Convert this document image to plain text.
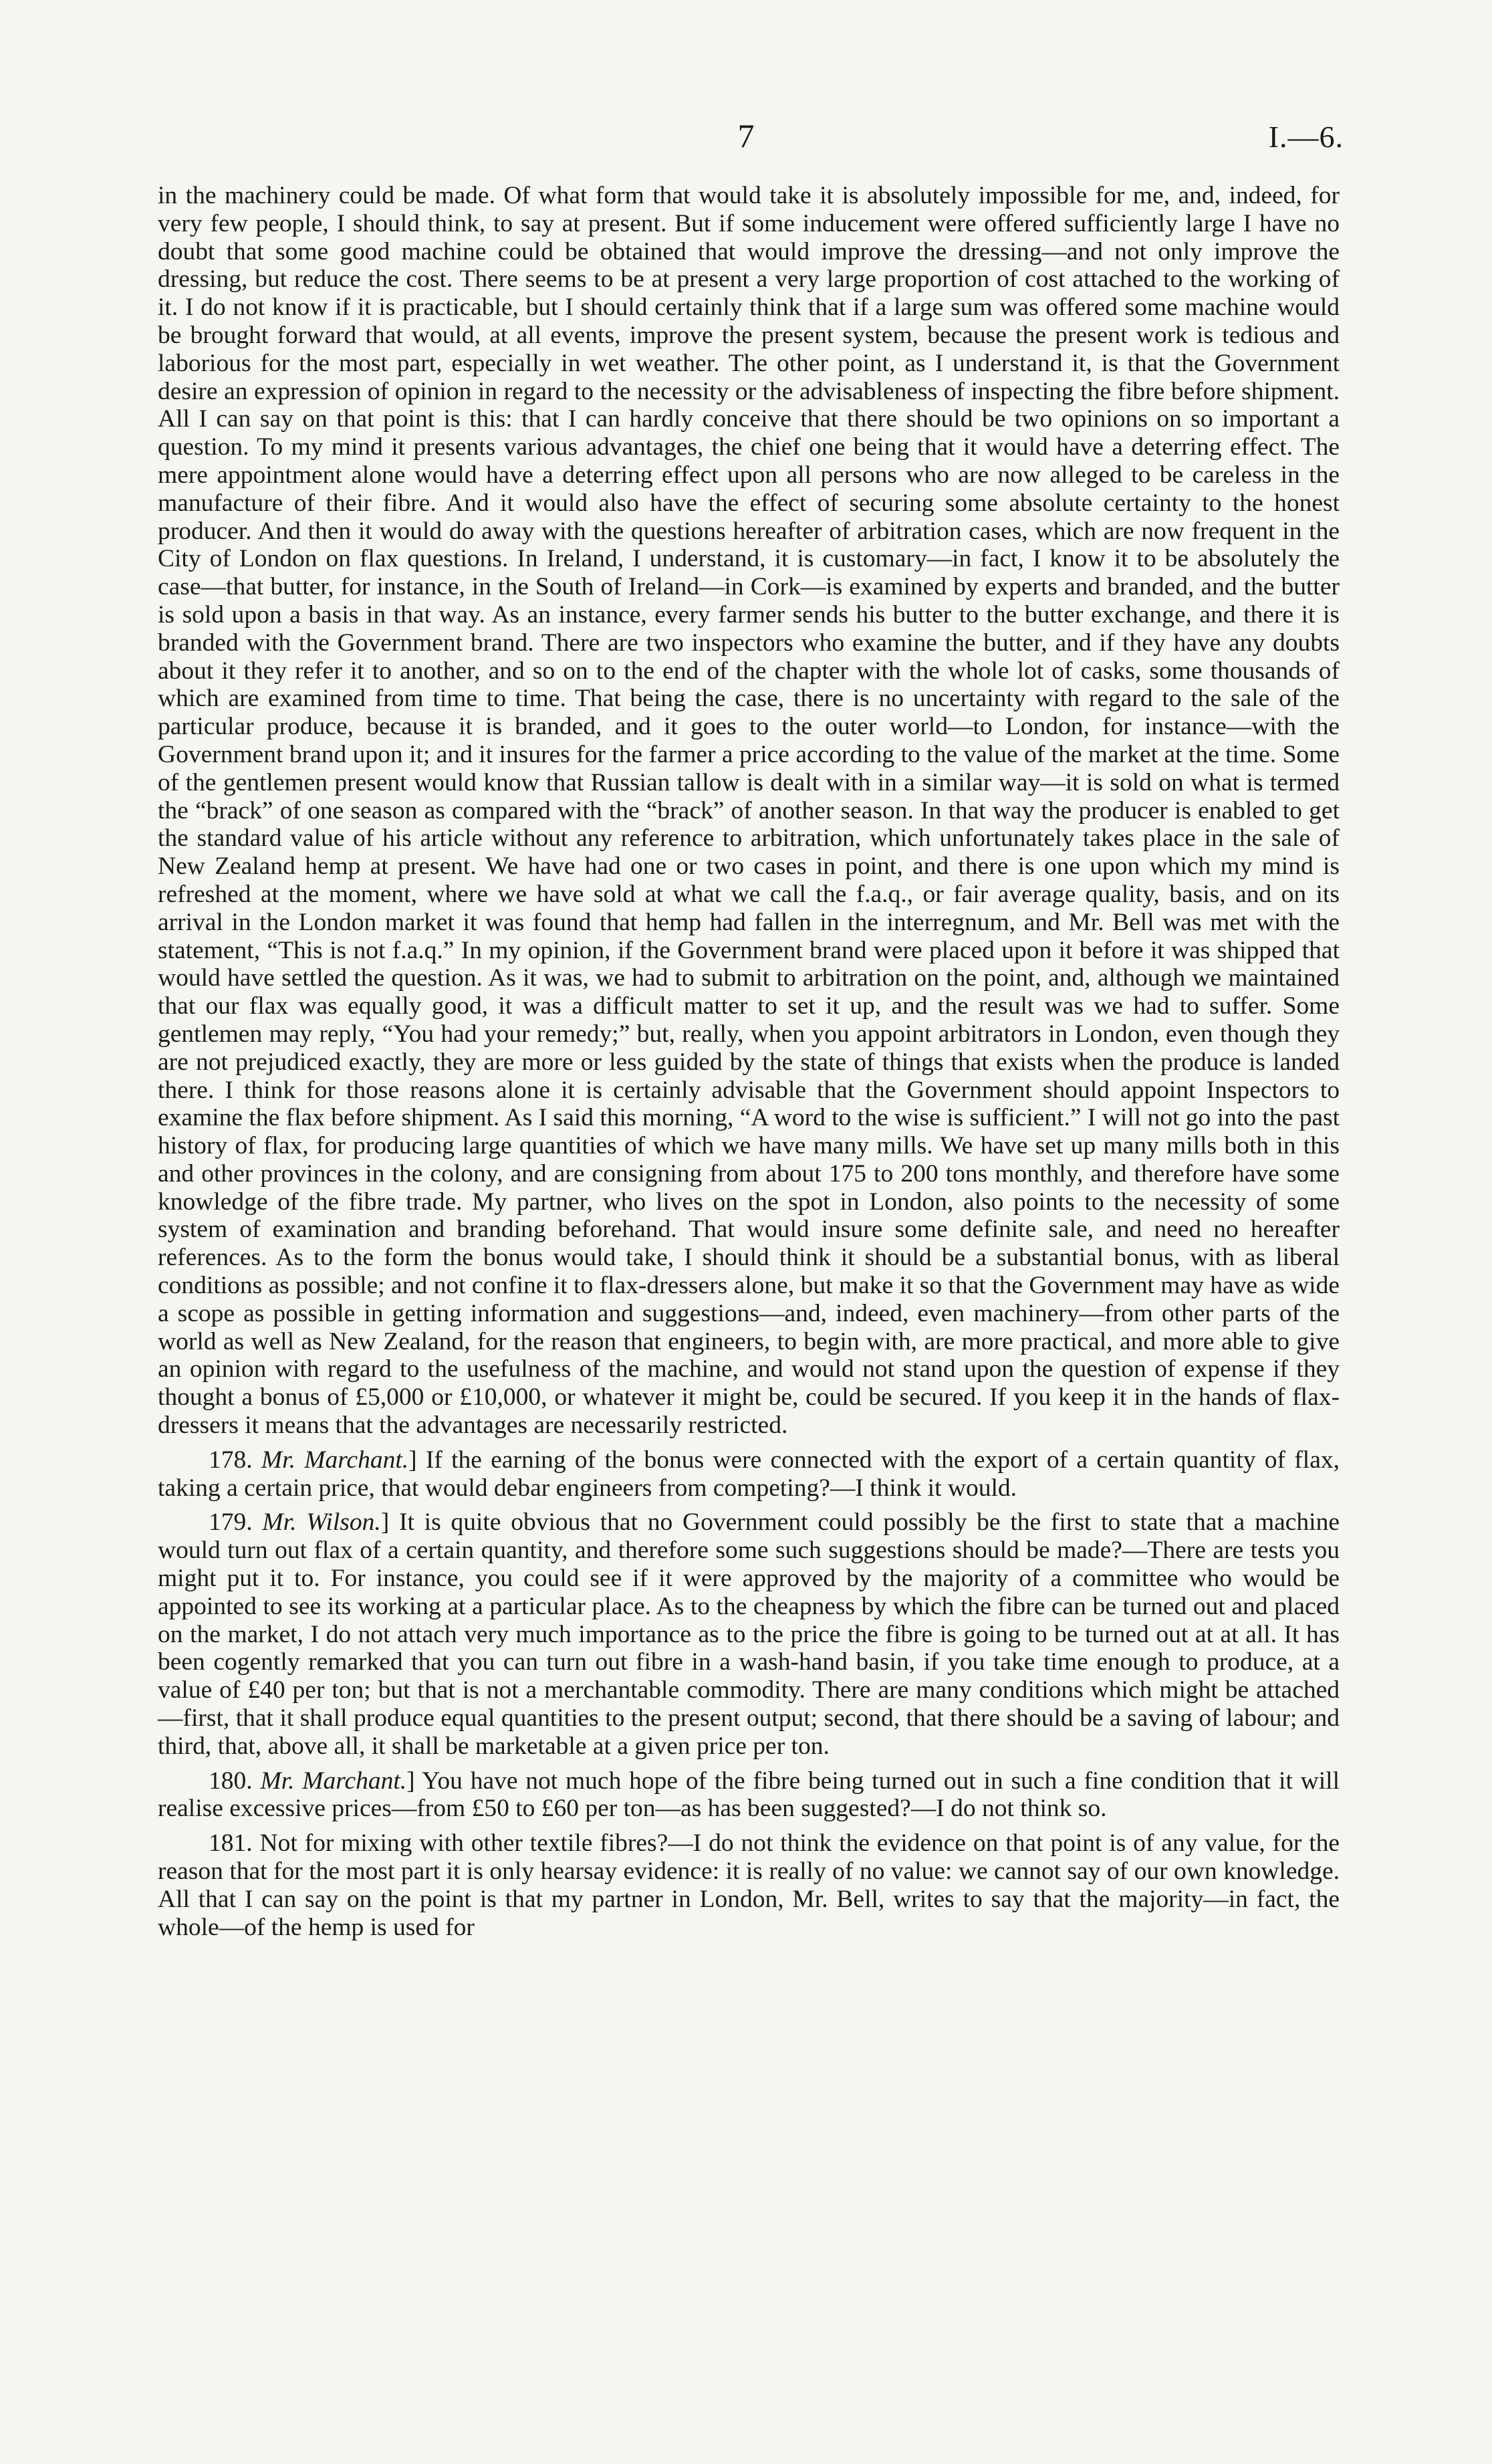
7	I.—6.

in the machinery could be made. Of what form that would take it is absolutely impossible for me, and, indeed, for very few people, I should think, to say at present. But if some inducement were offered sufficiently large I have no doubt that some good machine could be obtained that would improve the dressing—and not only improve the dressing, but reduce the cost. There seems to be at present a very large proportion of cost attached to the working of it. I do not know if it is practicable, but I should certainly think that if a large sum was offered some machine would be brought forward that would, at all events, improve the present system, because the present work is tedious and laborious for the most part, especially in wet weather. The other point, as I understand it, is that the Government desire an expression of opinion in regard to the necessity or the advisableness of inspecting the fibre before shipment. All I can say on that point is this: that I can hardly conceive that there should be two opinions on so important a question. To my mind it presents various advantages, the chief one being that it would have a deterring effect. The mere appointment alone would have a deterring effect upon all persons who are now alleged to be careless in the manufacture of their fibre. And it would also have the effect of securing some absolute certainty to the honest producer. And then it would do away with the questions hereafter of arbitration cases, which are now frequent in the City of London on flax questions. In Ireland, I understand, it is customary—in fact, I know it to be absolutely the case—that butter, for instance, in the South of Ireland—in Cork—is examined by experts and branded, and the butter is sold upon a basis in that way. As an instance, every farmer sends his butter to the butter exchange, and there it is branded with the Government brand. There are two inspectors who examine the butter, and if they have any doubts about it they refer it to another, and so on to the end of the chapter with the whole lot of casks, some thousands of which are examined from time to time. That being the case, there is no uncertainty with regard to the sale of the particular produce, because it is branded, and it goes to the outer world—to London, for instance—with the Government brand upon it; and it insures for the farmer a price according to the value of the market at the time. Some of the gentlemen present would know that Russian tallow is dealt with in a similar way—it is sold on what is termed the “brack” of one season as compared with the “brack” of another season. In that way the producer is enabled to get the standard value of his article without any reference to arbitration, which unfortunately takes place in the sale of New Zealand hemp at present. We have had one or two cases in point, and there is one upon which my mind is refreshed at the moment, where we have sold at what we call the f.a.q., or fair average quality, basis, and on its arrival in the London market it was found that hemp had fallen in the interregnum, and Mr. Bell was met with the statement, “This is not f.a.q.” In my opinion, if the Government brand were placed upon it before it was shipped that would have settled the question. As it was, we had to submit to arbitration on the point, and, although we maintained that our flax was equally good, it was a difficult matter to set it up, and the result was we had to suffer. Some gentlemen may reply, “You had your remedy;” but, really, when you appoint arbitrators in London, even though they are not prejudiced exactly, they are more or less guided by the state of things that exists when the produce is landed there. I think for those reasons alone it is certainly advisable that the Government should appoint Inspectors to examine the flax before shipment. As I said this morning, “A word to the wise is sufficient.” I will not go into the past history of flax, for producing large quantities of which we have many mills. We have set up many mills both in this and other provinces in the colony, and are consigning from about 175 to 200 tons monthly, and therefore have some knowledge of the fibre trade. My partner, who lives on the spot in London, also points to the necessity of some system of examination and branding beforehand. That would insure some definite sale, and need no hereafter references. As to the form the bonus would take, I should think it should be a substantial bonus, with as liberal conditions as possible; and not confine it to flax-dressers alone, but make it so that the Government may have as wide a scope as possible in getting information and suggestions—and, indeed, even machinery—from other parts of the world as well as New Zealand, for the reason that engineers, to begin with, are more practical, and more able to give an opinion with regard to the usefulness of the machine, and would not stand upon the question of expense if they thought a bonus of £5,000 or £10,000, or whatever it might be, could be secured. If you keep it in the hands of flax-dressers it means that the advantages are necessarily restricted.

178. Mr. Marchant.] If the earning of the bonus were connected with the export of a certain quantity of flax, taking a certain price, that would debar engineers from competing?—I think it would.

179. Mr. Wilson.] It is quite obvious that no Government could possibly be the first to state that a machine would turn out flax of a certain quantity, and therefore some such suggestions should be made?—There are tests you might put it to. For instance, you could see if it were approved by the majority of a committee who would be appointed to see its working at a particular place. As to the cheapness by which the fibre can be turned out and placed on the market, I do not attach very much importance as to the price the fibre is going to be turned out at at all. It has been cogently remarked that you can turn out fibre in a wash-hand basin, if you take time enough to produce, at a value of £40 per ton; but that is not a merchantable commodity. There are many conditions which might be attached—first, that it shall produce equal quantities to the present output; second, that there should be a saving of labour; and third, that, above all, it shall be marketable at a given price per ton.

180. Mr. Marchant.] You have not much hope of the fibre being turned out in such a fine condition that it will realise excessive prices—from £50 to £60 per ton—as has been suggested?—I do not think so.

181. Not for mixing with other textile fibres?—I do not think the evidence on that point is of any value, for the reason that for the most part it is only hearsay evidence: it is really of no value: we cannot say of our own knowledge. All that I can say on the point is that my partner in London, Mr. Bell, writes to say that the majority—in fact, the whole—of the hemp is used for
